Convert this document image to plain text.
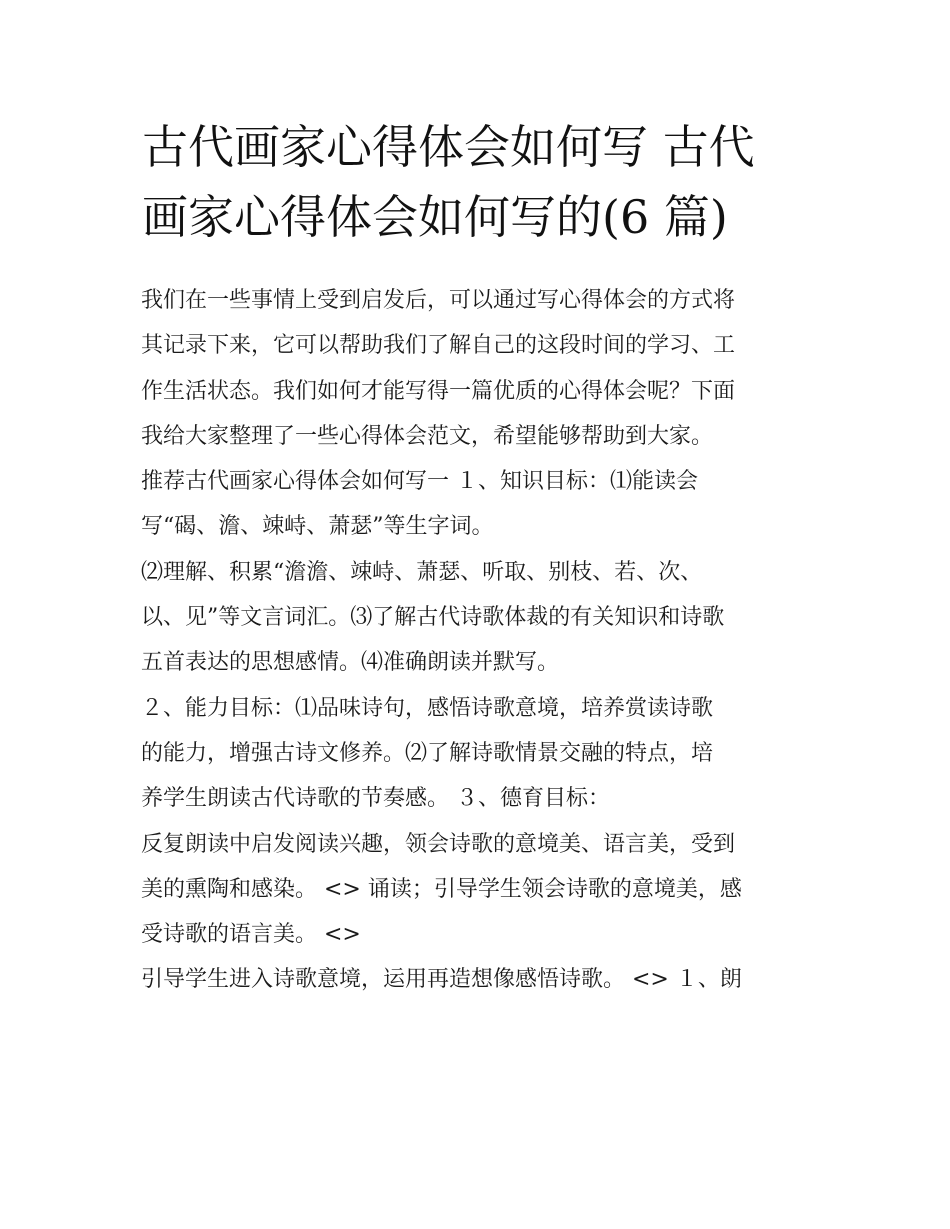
古代画家心得体会如何写 古代
画家心得体会如何写的(6 篇)
我们在一些事情上受到启发后，可以通过写心得体会的方式将
其记录下来，它可以帮助我们了解自己的这段时间的学习、工
作生活状态。我们如何才能写得一篇优质的心得体会呢？下面
我给大家整理了一些心得体会范文，希望能够帮助到大家。
推荐古代画家心得体会如何写一 １、知识目标：⑴能读会
写“碣、澹、竦峙、萧瑟”等生字词。
⑵理解、积累“澹澹、竦峙、萧瑟、听取、别枝、若、次、
以、见”等文言词汇。⑶了解古代诗歌体裁的有关知识和诗歌
五首表达的思想感情。⑷准确朗读并默写。
２、能力目标：⑴品味诗句，感悟诗歌意境，培养赏读诗歌
的能力，增强古诗文修养。⑵了解诗歌情景交融的特点，培
养学生朗读古代诗歌的节奏感。 ３、德育目标：
反复朗读中启发阅读兴趣，领会诗歌的意境美、语言美，受到
美的熏陶和感染。 <> 诵读；引导学生领会诗歌的意境美，感
受诗歌的语言美。 <>
引导学生进入诗歌意境，运用再造想像感悟诗歌。 <> １、朗
